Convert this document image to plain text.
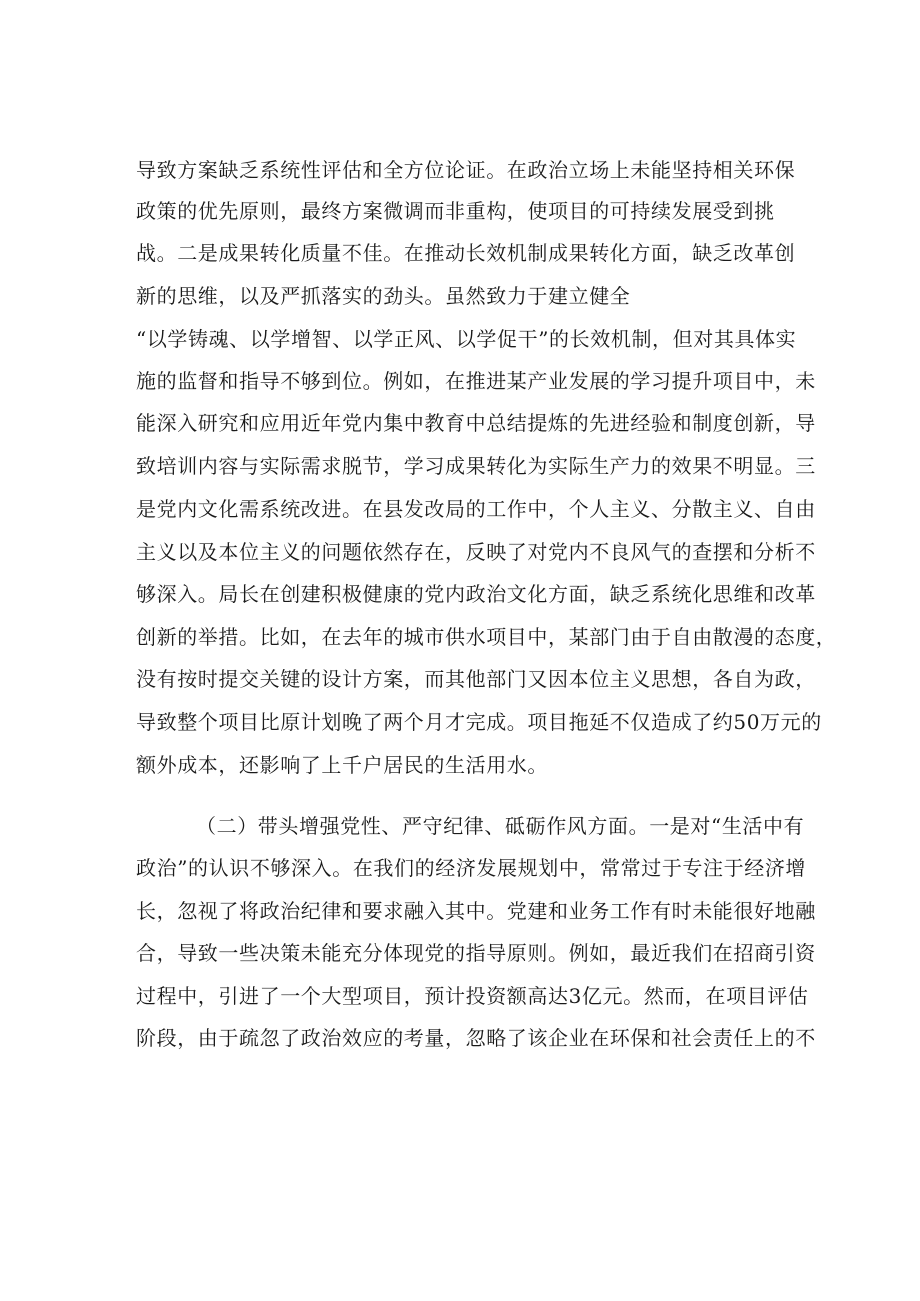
导致方案缺乏系统性评估和全方位论证。在政治立场上未能坚持相关环保
政策的优先原则，最终方案微调而非重构，使项目的可持续发展受到挑
战。二是成果转化质量不佳。在推动长效机制成果转化方面，缺乏改革创
新的思维，以及严抓落实的劲头。虽然致力于建立健全
“以学铸魂、以学增智、以学正风、以学促干”的长效机制，但对其具体实
施的监督和指导不够到位。例如，在推进某产业发展的学习提升项目中，未
能深入研究和应用近年党内集中教育中总结提炼的先进经验和制度创新，导
致培训内容与实际需求脱节，学习成果转化为实际生产力的效果不明显。三
是党内文化需系统改进。在县发改局的工作中，个人主义、分散主义、自由
主义以及本位主义的问题依然存在，反映了对党内不良风气的查摆和分析不
够深入。局长在创建积极健康的党内政治文化方面，缺乏系统化思维和改革
创新的举措。比如，在去年的城市供水项目中，某部门由于自由散漫的态度，
没有按时提交关键的设计方案，而其他部门又因本位主义思想，各自为政，
导致整个项目比原计划晚了两个月才完成。项目拖延不仅造成了约50万元的
额外成本，还影响了上千户居民的生活用水。
（二）带头增强党性、严守纪律、砥砺作风方面。一是对“生活中有
政治”的认识不够深入。在我们的经济发展规划中，常常过于专注于经济增
长，忽视了将政治纪律和要求融入其中。党建和业务工作有时未能很好地融
合，导致一些决策未能充分体现党的指导原则。例如，最近我们在招商引资
过程中，引进了一个大型项目，预计投资额高达3亿元。然而，在项目评估
阶段，由于疏忽了政治效应的考量，忽略了该企业在环保和社会责任上的不
